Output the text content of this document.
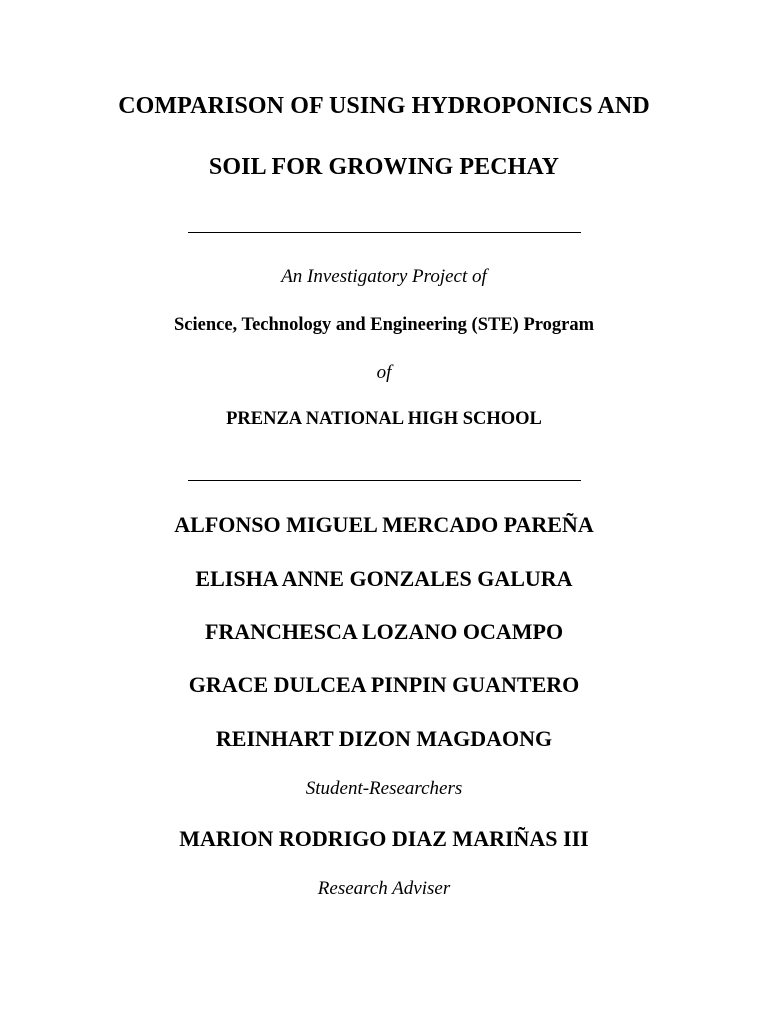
COMPARISON OF USING HYDROPONICS AND
SOIL FOR GROWING PECHAY
An Investigatory Project of
Science, Technology and Engineering (STE) Program
of
PRENZA NATIONAL HIGH SCHOOL
ALFONSO MIGUEL MERCADO PAREÑA
ELISHA ANNE GONZALES GALURA
FRANCHESCA LOZANO OCAMPO
GRACE DULCEA PINPIN GUANTERO
REINHART DIZON MAGDAONG
Student-Researchers
MARION RODRIGO DIAZ MARIÑAS III
Research Adviser
